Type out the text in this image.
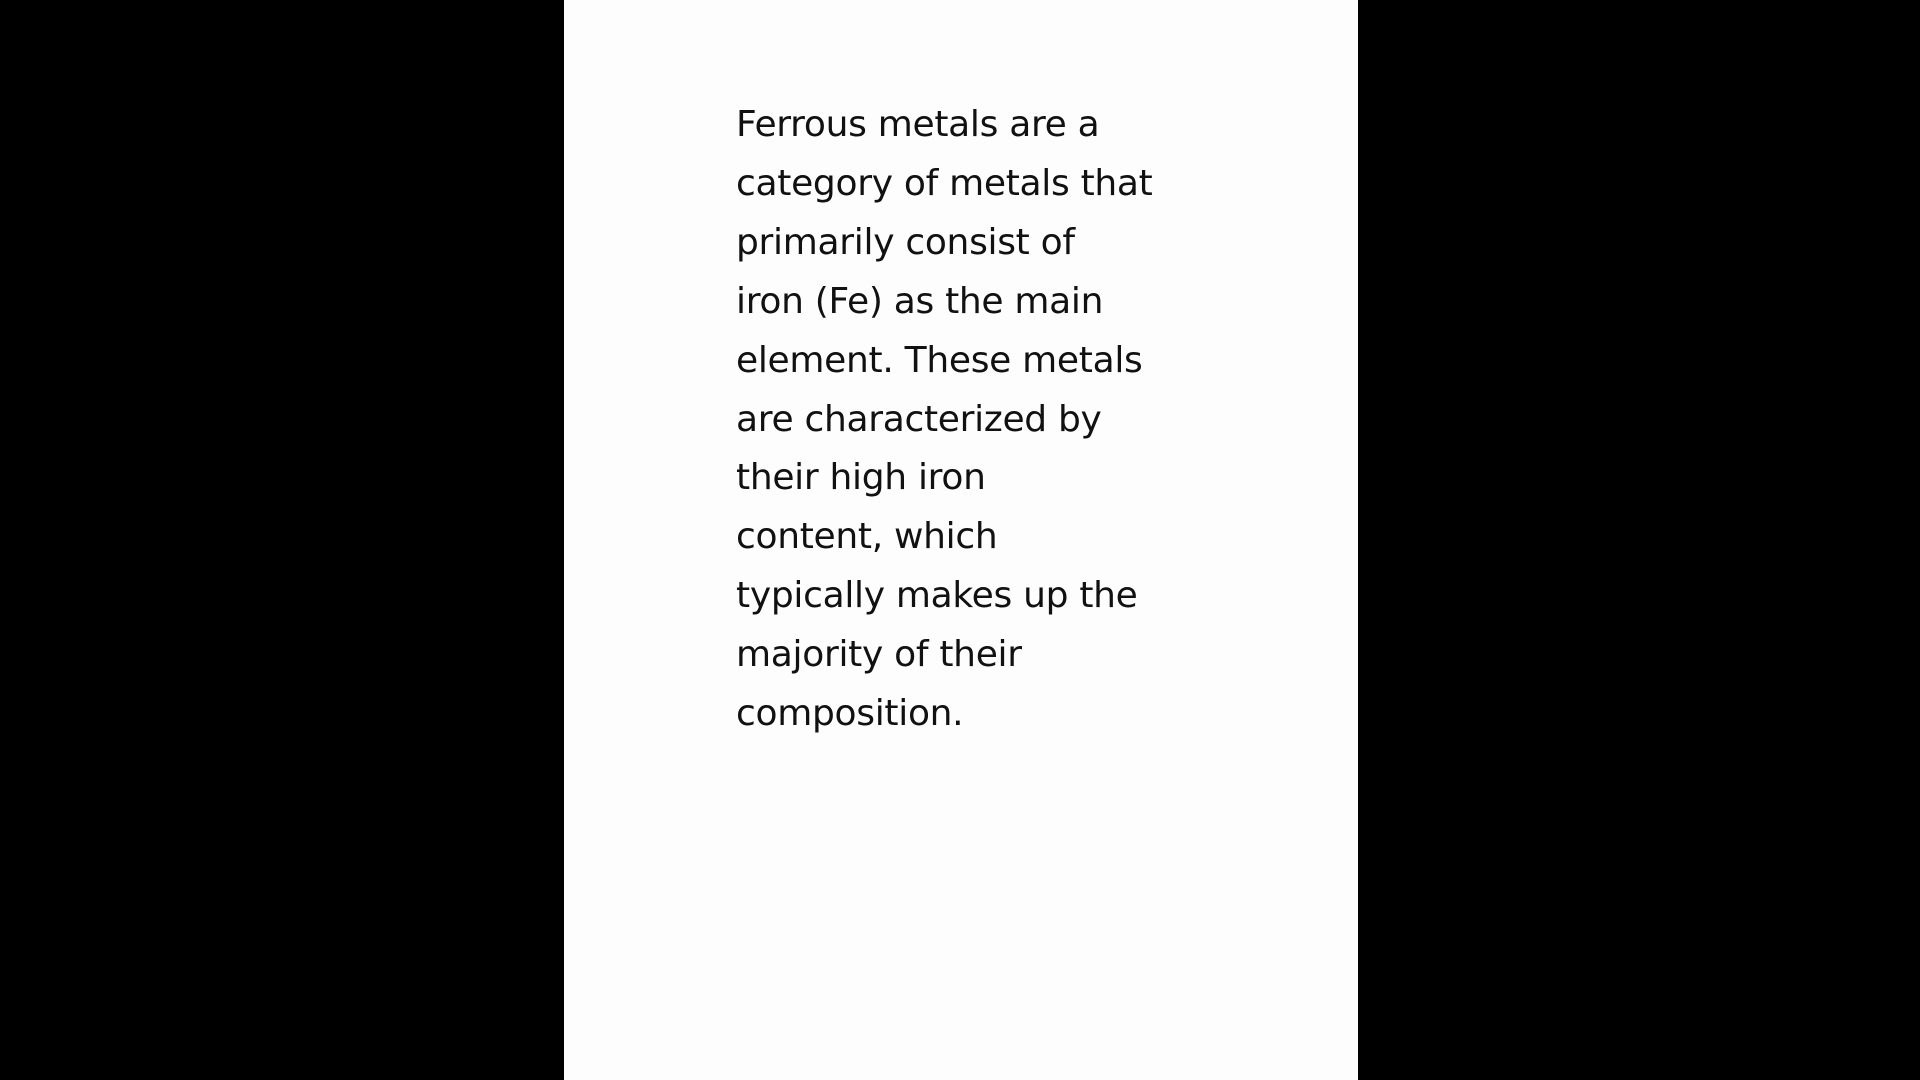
Ferrous metals are a
category of metals that
primarily consist of
iron (Fe) as the main
element. These metals
are characterized by
their high iron
content, which
typically makes up the
majority of their
composition.
